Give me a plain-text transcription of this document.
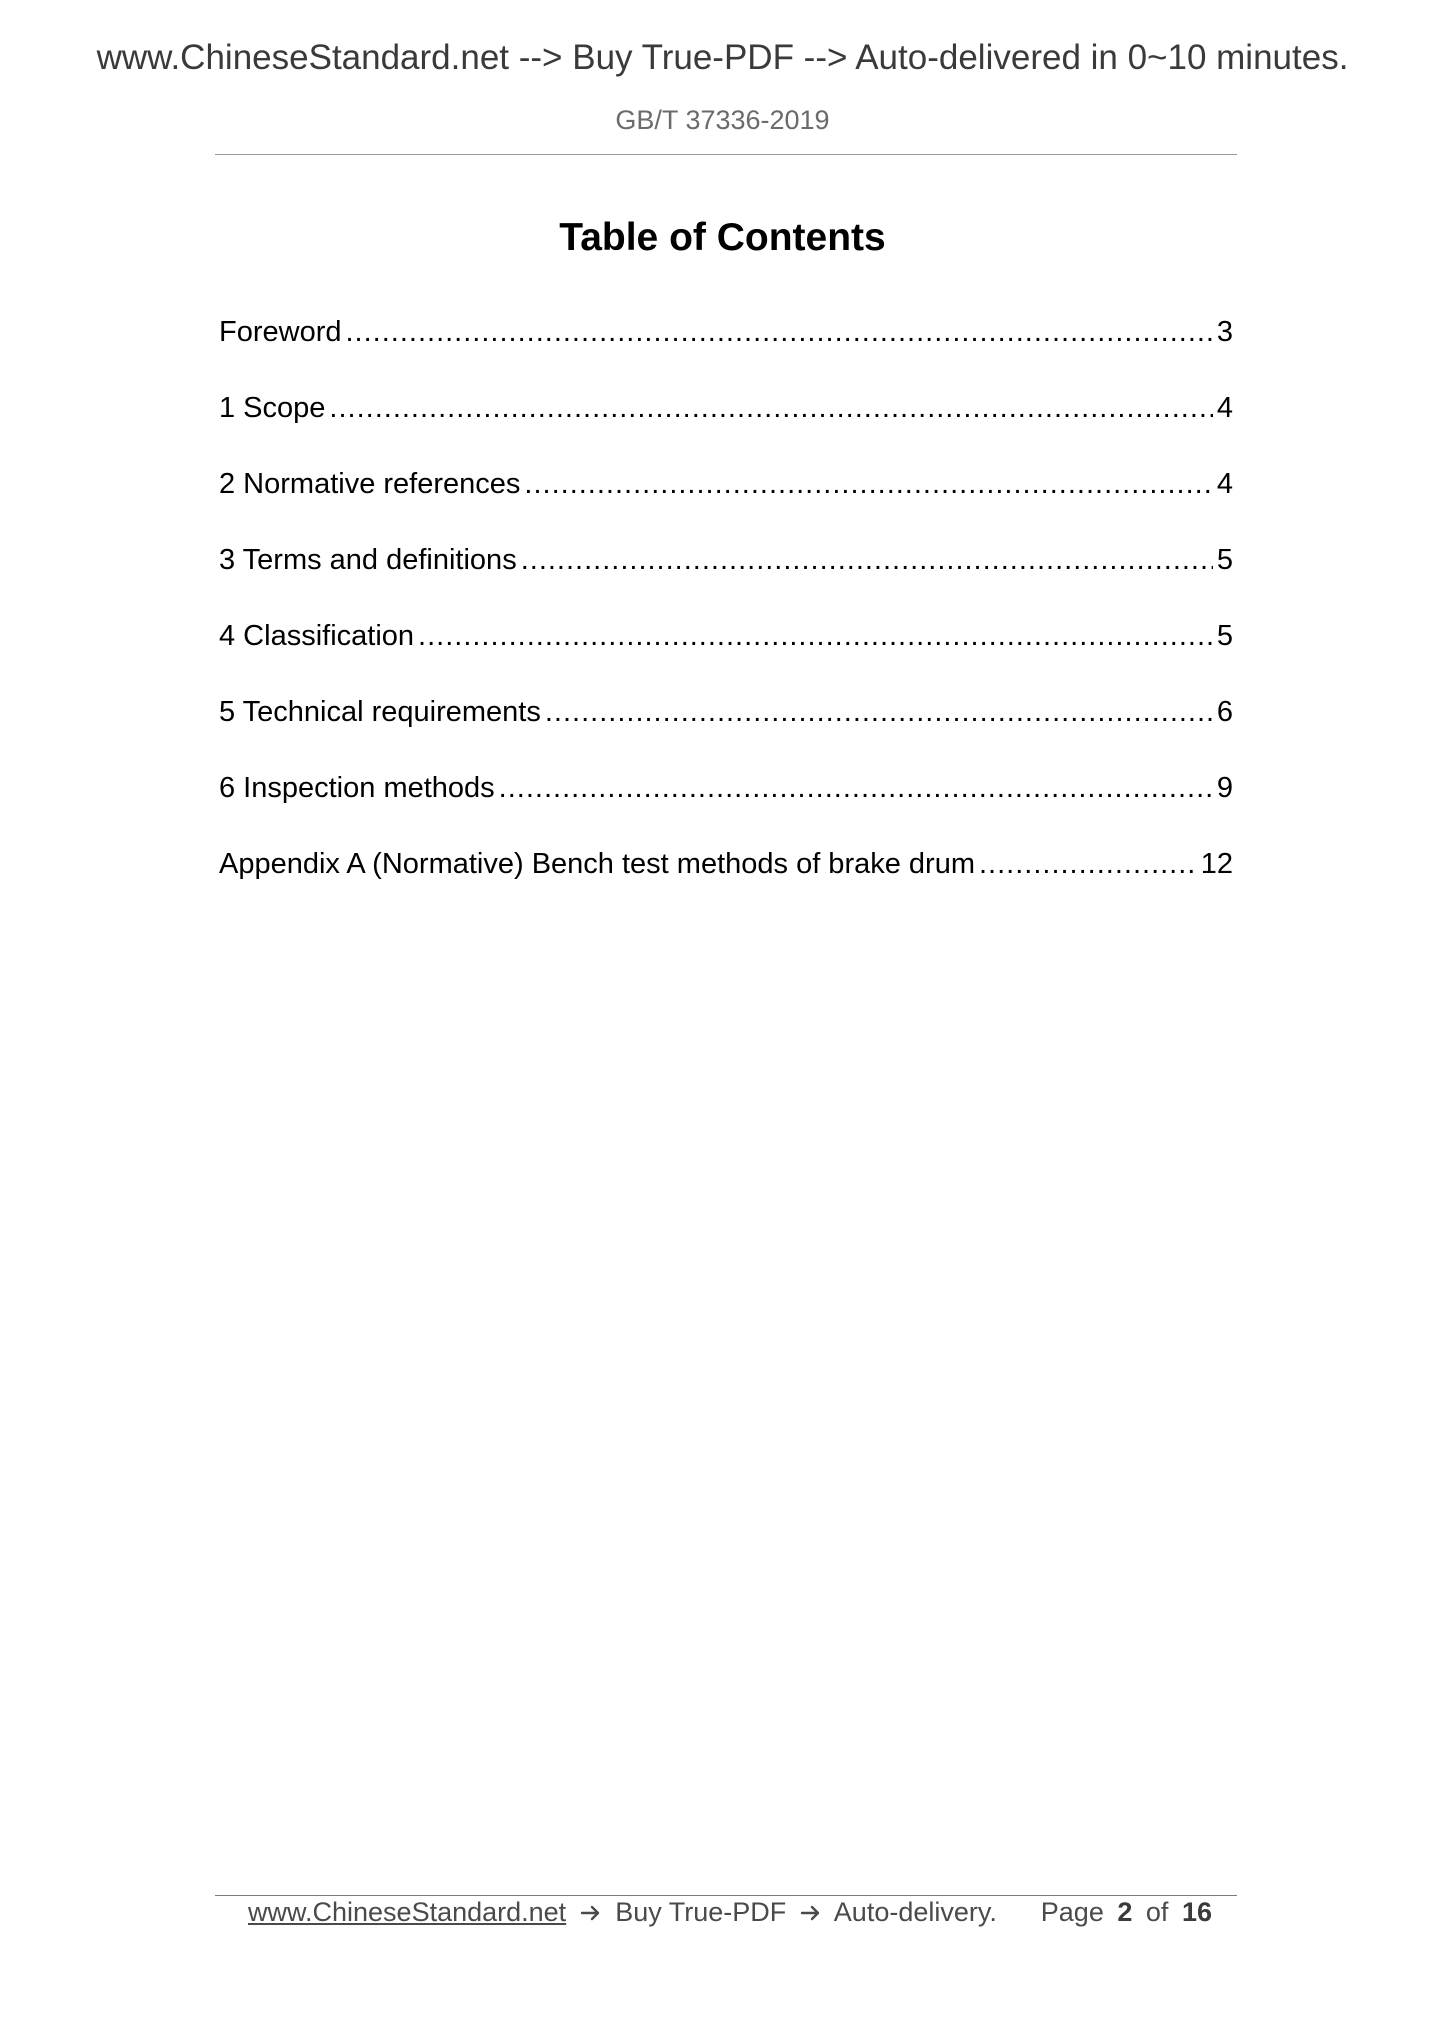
www.ChineseStandard.net --> Buy True-PDF --> Auto-delivered in 0~10 minutes.
GB/T 37336-2019
Table of Contents
Foreword .....	3
1 Scope .....	4
2 Normative references .....	4
3 Terms and definitions .....	5
4 Classification .....	5
5 Technical requirements .....	6
6 Inspection methods .....	9
Appendix A (Normative) Bench test methods of brake drum .....	12
www.ChineseStandard.net Buy True-PDF Auto-delivery. Page 2 of 16
